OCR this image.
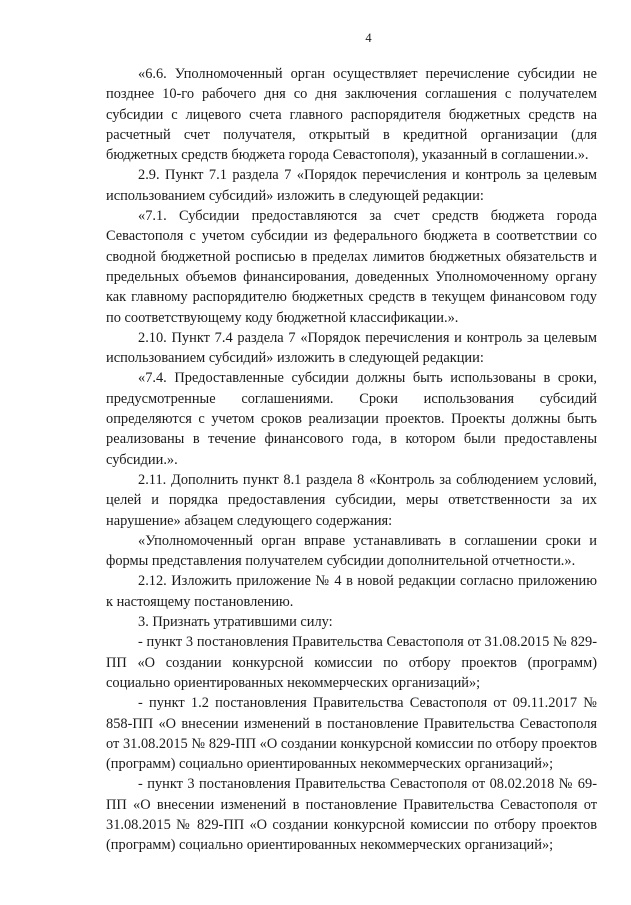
4

«6.6. Уполномоченный орган осуществляет перечисление субсидии не позднее 10-го рабочего дня со дня заключения соглашения с получателем субсидии с лицевого счета главного распорядителя бюджетных средств на расчетный счет получателя, открытый в кредитной организации (для бюджетных средств бюджета города Севастополя), указанный в соглашении.».

2.9. Пункт 7.1 раздела 7 «Порядок перечисления и контроль за целевым использованием субсидий» изложить в следующей редакции:

«7.1. Субсидии предоставляются за счет средств бюджета города Севастополя с учетом субсидии из федерального бюджета в соответствии со сводной бюджетной росписью в пределах лимитов бюджетных обязательств и предельных объемов финансирования, доведенных Уполномоченному органу как главному распорядителю бюджетных средств в текущем финансовом году по соответствующему коду бюджетной классификации.».

2.10. Пункт 7.4 раздела 7 «Порядок перечисления и контроль за целевым использованием субсидий» изложить в следующей редакции:

«7.4. Предоставленные субсидии должны быть использованы в сроки, предусмотренные соглашениями. Сроки использования субсидий определяются с учетом сроков реализации проектов. Проекты должны быть реализованы в течение финансового года, в котором были предоставлены субсидии.».

2.11. Дополнить пункт 8.1 раздела 8 «Контроль за соблюдением условий, целей и порядка предоставления субсидии, меры ответственности за их нарушение» абзацем следующего содержания:

«Уполномоченный орган вправе устанавливать в соглашении сроки и формы представления получателем субсидии дополнительной отчетности.».

2.12. Изложить приложение № 4 в новой редакции согласно приложению к настоящему постановлению.

3. Признать утратившими силу:

- пункт 3 постановления Правительства Севастополя от 31.08.2015 № 829-ПП «О создании конкурсной комиссии по отбору проектов (программ) социально ориентированных некоммерческих организаций»;

- пункт 1.2 постановления Правительства Севастополя от 09.11.2017 № 858-ПП «О внесении изменений в постановление Правительства Севастополя от 31.08.2015 № 829-ПП «О создании конкурсной комиссии по отбору проектов (программ) социально ориентированных некоммерческих организаций»;

- пункт 3 постановления Правительства Севастополя от 08.02.2018 № 69-ПП «О внесении изменений в постановление Правительства Севастополя от 31.08.2015 № 829-ПП «О создании конкурсной комиссии по отбору проектов (программ) социально ориентированных некоммерческих организаций»;
